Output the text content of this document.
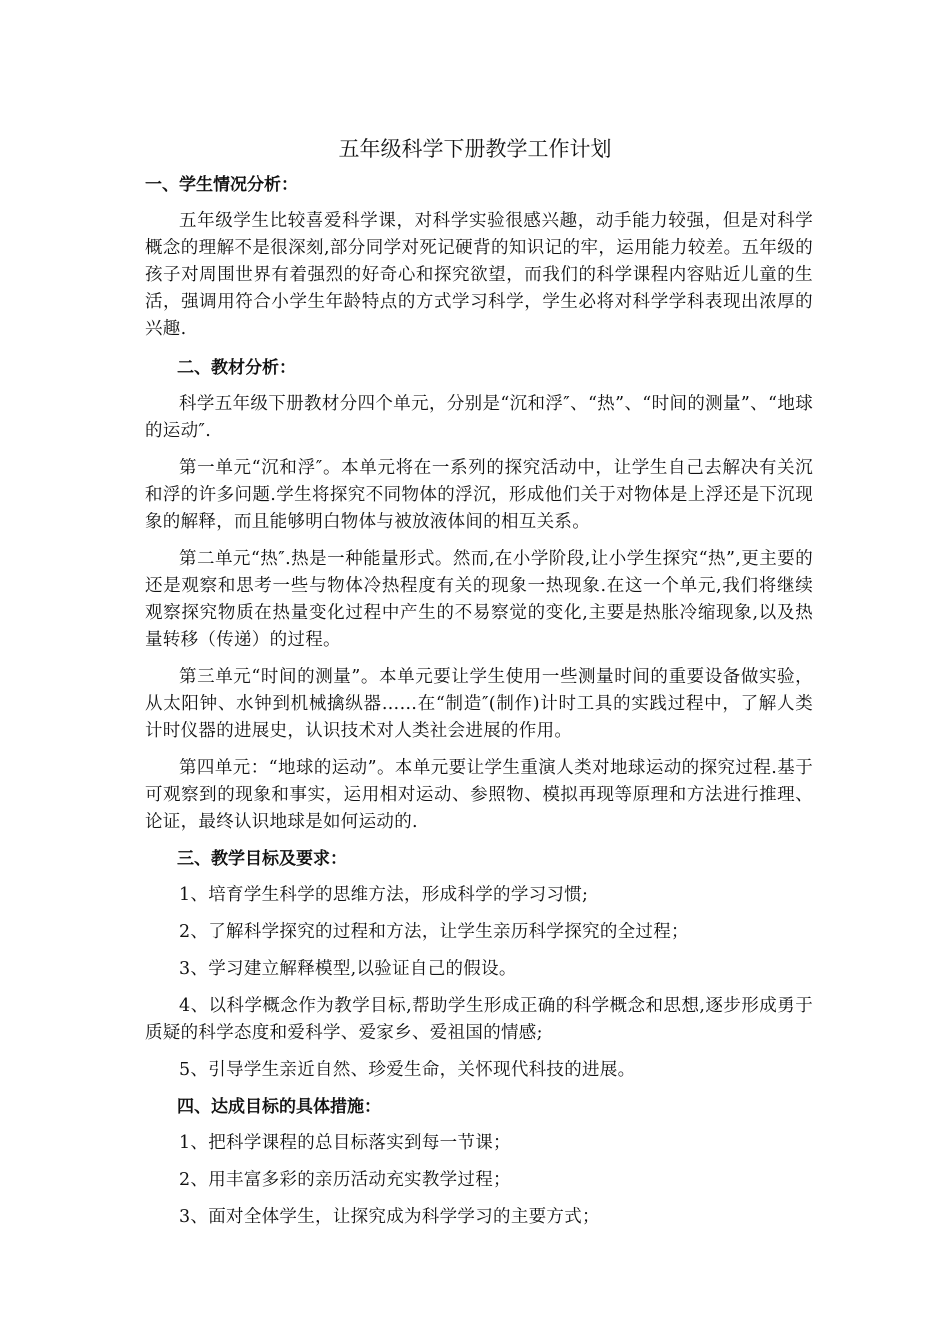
五年级科学下册教学工作计划
一、学生情况分析：
五年级学生比较喜爱科学课，对科学实验很感兴趣，动手能力较强，但是对科学概念的理解不是很深刻,部分同学对死记硬背的知识记的牢，运用能力较差。五年级的孩子对周围世界有着强烈的好奇心和探究欲望，而我们的科学课程内容贴近儿童的生活，强调用符合小学生年龄特点的方式学习科学，学生必将对科学学科表现出浓厚的兴趣.
二、教材分析：
科学五年级下册教材分四个单元，分别是“沉和浮″、“热”、“时间的测量”、“地球的运动″.
第一单元“沉和浮″。本单元将在一系列的探究活动中，让学生自己去解决有关沉和浮的许多问题.学生将探究不同物体的浮沉，形成他们关于对物体是上浮还是下沉现象的解释，而且能够明白物体与被放液体间的相互关系。
第二单元“热″.热是一种能量形式。然而,在小学阶段,让小学生探究“热”,更主要的还是观察和思考一些与物体冷热程度有关的现象一热现象.在这一个单元,我们将继续观察探究物质在热量变化过程中产生的不易察觉的变化,主要是热胀冷缩现象,以及热量转移（传递）的过程。
第三单元“时间的测量”。本单元要让学生使用一些测量时间的重要设备做实验，从太阳钟、水钟到机械擒纵器……在“制造″(制作)计时工具的实践过程中，了解人类计时仪器的进展史，认识技术对人类社会进展的作用。
第四单元：“地球的运动”。本单元要让学生重演人类对地球运动的探究过程.基于可观察到的现象和事实，运用相对运动、参照物、模拟再现等原理和方法进行推理、论证，最终认识地球是如何运动的.
三、教学目标及要求：
1、培育学生科学的思维方法，形成科学的学习习惯;
2、了解科学探究的过程和方法，让学生亲历科学探究的全过程；
3、学习建立解释模型,以验证自己的假设。
4、以科学概念作为教学目标,帮助学生形成正确的科学概念和思想,逐步形成勇于质疑的科学态度和爱科学、爱家乡、爱祖国的情感;
5、引导学生亲近自然、珍爱生命，关怀现代科技的进展。
四、达成目标的具体措施：
1、把科学课程的总目标落实到每一节课；
2、用丰富多彩的亲历活动充实教学过程；
3、面对全体学生，让探究成为科学学习的主要方式；
